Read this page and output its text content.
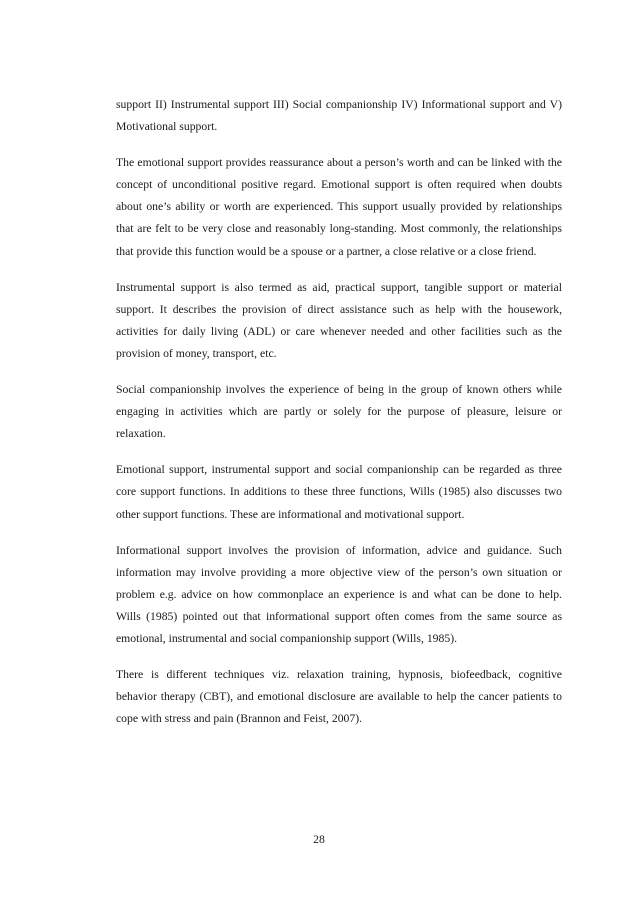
support II) Instrumental support III) Social companionship IV) Informational support and V) Motivational support.

The emotional support provides reassurance about a person’s worth and can be linked with the concept of unconditional positive regard. Emotional support is often required when doubts about one’s ability or worth are experienced. This support usually provided by relationships that are felt to be very close and reasonably long-standing. Most commonly, the relationships that provide this function would be a spouse or a partner, a close relative or a close friend.

Instrumental support is also termed as aid, practical support, tangible support or material support. It describes the provision of direct assistance such as help with the housework, activities for daily living (ADL) or care whenever needed and other facilities such as the provision of money, transport, etc.

Social companionship involves the experience of being in the group of known others while engaging in activities which are partly or solely for the purpose of pleasure, leisure or relaxation.

Emotional support, instrumental support and social companionship can be regarded as three core support functions. In additions to these three functions, Wills (1985) also discusses two other support functions. These are informational and motivational support.

Informational support involves the provision of information, advice and guidance. Such information may involve providing a more objective view of the person’s own situation or problem e.g. advice on how commonplace an experience is and what can be done to help. Wills (1985) pointed out that informational support often comes from the same source as emotional, instrumental and social companionship support (Wills, 1985).

There is different techniques viz. relaxation training, hypnosis, biofeedback, cognitive behavior therapy (CBT), and emotional disclosure are available to help the cancer patients to cope with stress and pain (Brannon and Feist, 2007).

28
